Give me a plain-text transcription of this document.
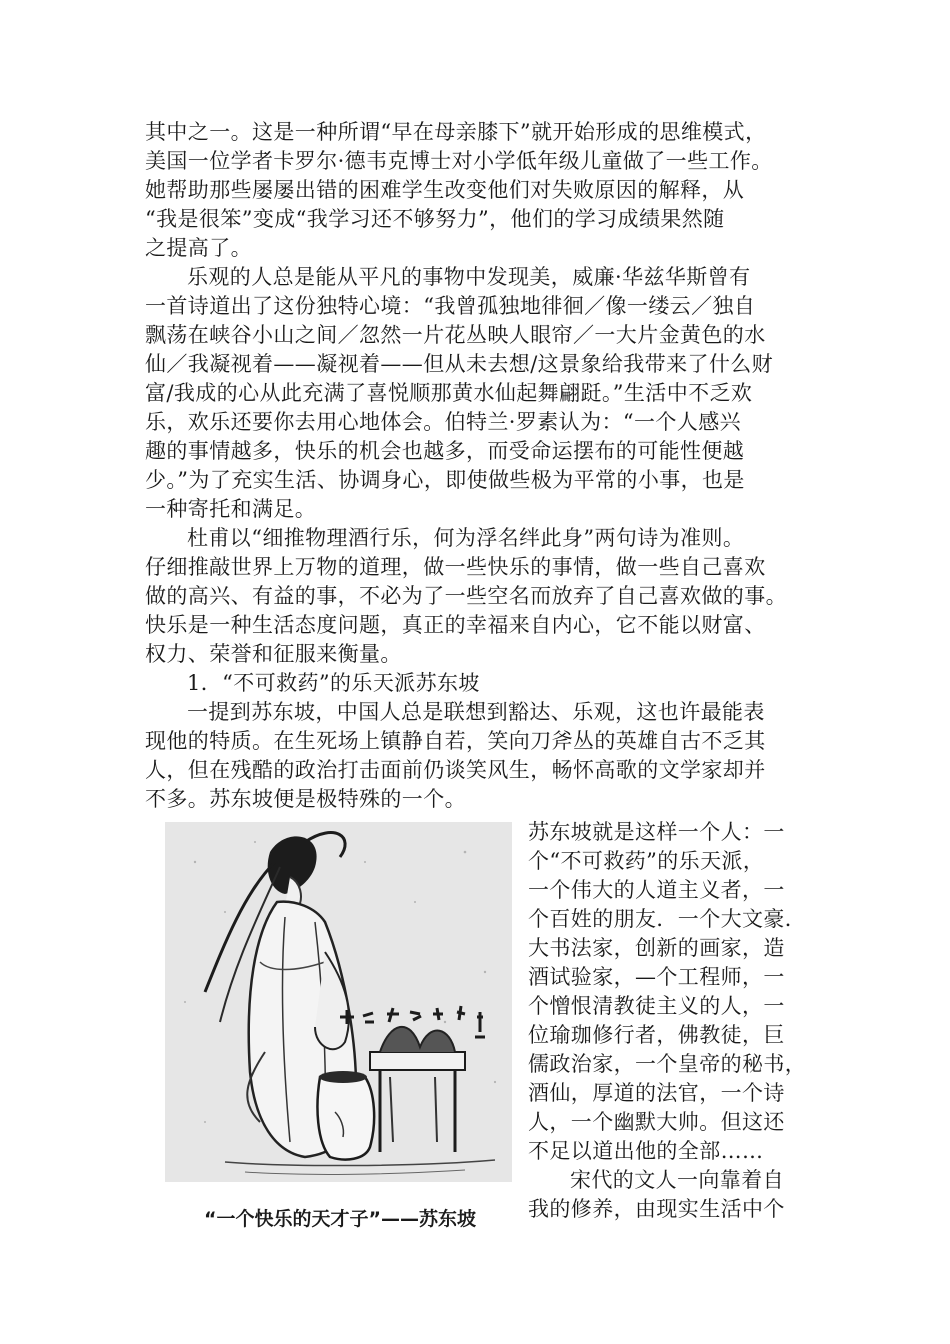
其中之一。这是一种所谓“早在母亲膝下”就开始形成的思维模式，
美国一位学者卡罗尔·德韦克博士对小学低年级儿童做了一些工作。
她帮助那些屡屡出错的困难学生改变他们对失败原因的解释，从
“我是很笨”变成“我学习还不够努力”，他们的学习成绩果然随
之提高了。
乐观的人总是能从平凡的事物中发现美，威廉·华兹华斯曾有
一首诗道出了这份独特心境：“我曾孤独地徘徊／像一缕云／独自
飘荡在峡谷小山之间／忽然一片花丛映人眼帘／一大片金黄色的水
仙／我凝视着——凝视着——但从未去想/这景象给我带来了什么财
富/我成的心从此充满了喜悦顺那黄水仙起舞翩跹。”生活中不乏欢
乐，欢乐还要你去用心地体会。伯特兰·罗素认为：“一个人感兴
趣的事情越多，快乐的机会也越多，而受命运摆布的可能性便越
少。”为了充实生活、协调身心，即使做些极为平常的小事，也是
一种寄托和满足。
杜甫以“细推物理酒行乐，何为浮名绊此身”两句诗为准则。
仔细推敲世界上万物的道理，做一些快乐的事情，做一些自己喜欢
做的高兴、有益的事，不必为了一些空名而放弃了自己喜欢做的事。
快乐是一种生活态度问题，真正的幸福来自内心，它不能以财富、
权力、荣誉和征服来衡量。
1．“不可救药”的乐天派苏东坡
一提到苏东坡，中国人总是联想到豁达、乐观，这也许最能表
现他的特质。在生死场上镇静自若，笑向刀斧丛的英雄自古不乏其
人，但在残酷的政治打击面前仍谈笑风生，畅怀高歌的文学家却并
不多。苏东坡便是极特殊的一个。
“一个快乐的天才子”——苏东坡
苏东坡就是这样一个人：一
个“不可救药”的乐天派，
一个伟大的人道主义者，一
个百姓的朋友．一个大文豪．
大书法家，创新的画家，造
酒试验家，—个工程师，一
个憎恨清教徒主义的人，一
位瑜珈修行者，佛教徒，巨
儒政治家，一个皇帝的秘书，
酒仙，厚道的法官，一个诗
人，一个幽默大帅。但这还
不足以道出他的全部……
宋代的文人一向靠着自
我的修养，由现实生活中个
